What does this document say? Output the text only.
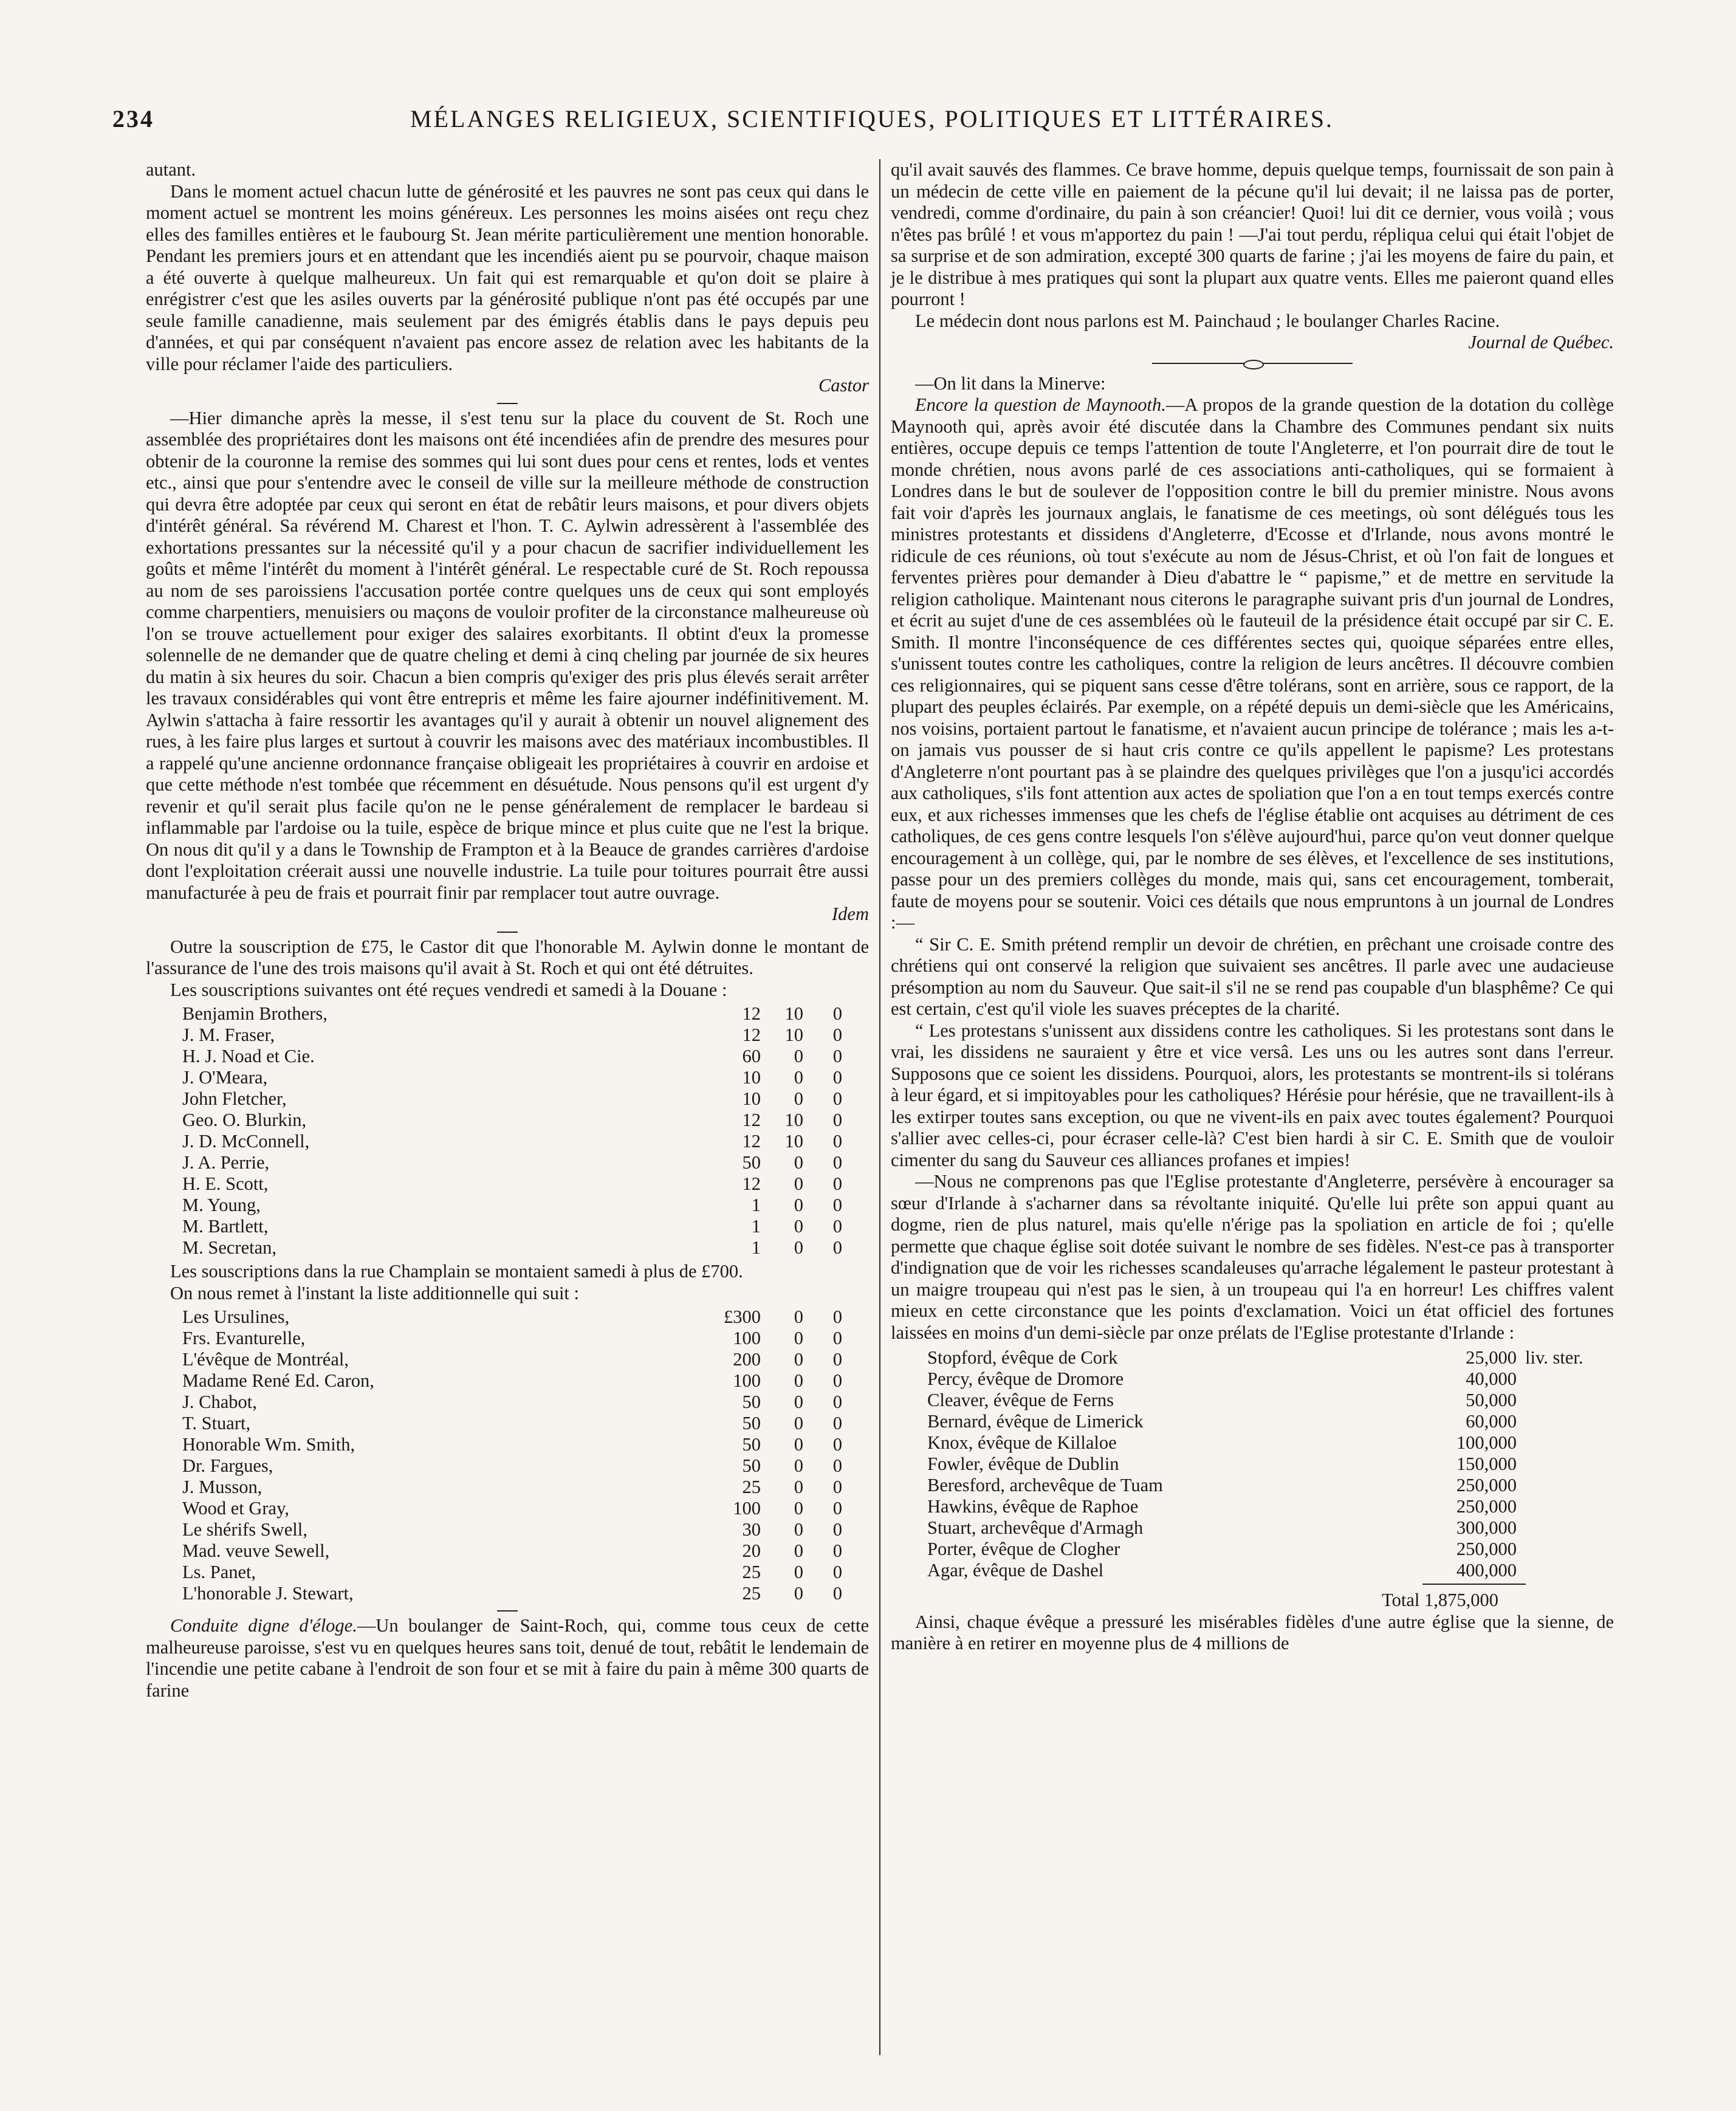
234	MÉLANGES RELIGIEUX, SCIENTIFIQUES, POLITIQUES ET LITTÉRAIRES.

autant.

Dans le moment actuel chacun lutte de générosité et les pauvres ne sont pas ceux qui dans le moment actuel se montrent les moins généreux. Les personnes les moins aisées ont reçu chez elles des familles entières et le faubourg St. Jean mérite particulièrement une mention honorable. Pendant les premiers jours et en attendant que les incendiés aient pu se pourvoir, chaque maison a été ouverte à quelque malheureux. Un fait qui est remarquable et qu'on doit se plaire à enrégistrer c'est que les asiles ouverts par la générosité publique n'ont pas été occupés par une seule famille canadienne, mais seulement par des émigrés établis dans le pays depuis peu d'années, et qui par conséquent n'avaient pas encore assez de relation avec les habitants de la ville pour réclamer l'aide des particuliers.

Castor

—Hier dimanche après la messe, il s'est tenu sur la place du couvent de St. Roch une assemblée des propriétaires dont les maisons ont été incendiées afin de prendre des mesures pour obtenir de la couronne la remise des sommes qui lui sont dues pour cens et rentes, lods et ventes etc., ainsi que pour s'entendre avec le conseil de ville sur la meilleure méthode de construction qui devra être adoptée par ceux qui seront en état de rebâtir leurs maisons, et pour divers objets d'intérêt général. Sa révérend M. Charest et l'hon. T. C. Aylwin adressèrent à l'assemblée des exhortations pressantes sur la nécessité qu'il y a pour chacun de sacrifier individuellement les goûts et même l'intérêt du moment à l'intérêt général. Le respectable curé de St. Roch repoussa au nom de ses paroissiens l'accusation portée contre quelques uns de ceux qui sont employés comme charpentiers, menuisiers ou maçons de vouloir profiter de la circonstance malheureuse où l'on se trouve actuellement pour exiger des salaires exorbitants. Il obtint d'eux la promesse solennelle de ne demander que de quatre cheling et demi à cinq cheling par journée de six heures du matin à six heures du soir. Chacun a bien compris qu'exiger des pris plus élevés serait arrêter les travaux considérables qui vont être entrepris et même les faire ajourner indéfinitivement. M. Aylwin s'attacha à faire ressortir les avantages qu'il y aurait à obtenir un nouvel alignement des rues, à les faire plus larges et surtout à couvrir les maisons avec des matériaux incombustibles. Il a rappelé qu'une ancienne ordonnance française obligeait les propriétaires à couvrir en ardoise et que cette méthode n'est tombée que récemment en désuétude. Nous pensons qu'il est urgent d'y revenir et qu'il serait plus facile qu'on ne le pense généralement de remplacer le bardeau si inflammable par l'ardoise ou la tuile, espèce de brique mince et plus cuite que ne l'est la brique. On nous dit qu'il y a dans le Township de Frampton et à la Beauce de grandes carrières d'ardoise dont l'exploitation créerait aussi une nouvelle industrie. La tuile pour toitures pourrait être aussi manufacturée à peu de frais et pourrait finir par remplacer tout autre ouvrage.

Idem

Outre la souscription de £75, le Castor dit que l'honorable M. Aylwin donne le montant de l'assurance de l'une des trois maisons qu'il avait à St. Roch et qui ont été détruites.

Les souscriptions suivantes ont été reçues vendredi et samedi à la Douane :

Benjamin Brothers,	12	10	0
J. M. Fraser,	12	10	0
H. J. Noad et Cie.	60	0	0
J. O'Meara,	10	0	0
John Fletcher,	10	0	0
Geo. O. Blurkin,	12	10	0
J. D. McConnell,	12	10	0
J. A. Perrie,	50	0	0
H. E. Scott,	12	0	0
M. Young,	1	0	0
M. Bartlett,	1	0	0
M. Secretan,	1	0	0

Les souscriptions dans la rue Champlain se montaient samedi à plus de £700.

On nous remet à l'instant la liste additionnelle qui suit :

Les Ursulines,	£300	0	0
Frs. Evanturelle,	100	0	0
L'évêque de Montréal,	200	0	0
Madame René Ed. Caron,	100	0	0
J. Chabot,	50	0	0
T. Stuart,	50	0	0
Honorable Wm. Smith,	50	0	0
Dr. Fargues,	50	0	0
J. Musson,	25	0	0
Wood et Gray,	100	0	0
Le shérifs Swell,	30	0	0
Mad. veuve Sewell,	20	0	0
Ls. Panet,	25	0	0
L'honorable J. Stewart,	25	0	0

Conduite digne d'éloge.—Un boulanger de Saint-Roch, qui, comme tous ceux de cette malheureuse paroisse, s'est vu en quelques heures sans toit, denué de tout, rebâtit le lendemain de l'incendie une petite cabane à l'endroit de son four et se mit à faire du pain à même 300 quarts de farine

qu'il avait sauvés des flammes. Ce brave homme, depuis quelque temps, fournissait de son pain à un médecin de cette ville en paiement de la pécune qu'il lui devait; il ne laissa pas de porter, vendredi, comme d'ordinaire, du pain à son créancier! Quoi! lui dit ce dernier, vous voilà ; vous n'êtes pas brûlé ! et vous m'apportez du pain ! —J'ai tout perdu, répliqua celui qui était l'objet de sa surprise et de son admiration, excepté 300 quarts de farine ; j'ai les moyens de faire du pain, et je le distribue à mes pratiques qui sont la plupart aux quatre vents. Elles me paieront quand elles pourront !

Le médecin dont nous parlons est M. Painchaud ; le boulanger Charles Racine.

Journal de Québec.

—On lit dans la Minerve:

Encore la question de Maynooth.—A propos de la grande question de la dotation du collège Maynooth qui, après avoir été discutée dans la Chambre des Communes pendant six nuits entières, occupe depuis ce temps l'attention de toute l'Angleterre, et l'on pourrait dire de tout le monde chrétien, nous avons parlé de ces associations anti-catholiques, qui se formaient à Londres dans le but de soulever de l'opposition contre le bill du premier ministre. Nous avons fait voir d'après les journaux anglais, le fanatisme de ces meetings, où sont délégués tous les ministres protestants et dissidens d'Angleterre, d'Ecosse et d'Irlande, nous avons montré le ridicule de ces réunions, où tout s'exécute au nom de Jésus-Christ, et où l'on fait de longues et ferventes prières pour demander à Dieu d'abattre le “ papisme,” et de mettre en servitude la religion catholique. Maintenant nous citerons le paragraphe suivant pris d'un journal de Londres, et écrit au sujet d'une de ces assemblées où le fauteuil de la présidence était occupé par sir C. E. Smith. Il montre l'inconséquence de ces différentes sectes qui, quoique séparées entre elles, s'unissent toutes contre les catholiques, contre la religion de leurs ancêtres. Il découvre combien ces religionnaires, qui se piquent sans cesse d'être tolérans, sont en arrière, sous ce rapport, de la plupart des peuples éclairés. Par exemple, on a répété depuis un demi-siècle que les Américains, nos voisins, portaient partout le fanatisme, et n'avaient aucun principe de tolérance ; mais les a-t-on jamais vus pousser de si haut cris contre ce qu'ils appellent le papisme? Les protestans d'Angleterre n'ont pourtant pas à se plaindre des quelques privilèges que l'on a jusqu'ici accordés aux catholiques, s'ils font attention aux actes de spoliation que l'on a en tout temps exercés contre eux, et aux richesses immenses que les chefs de l'église établie ont acquises au détriment de ces catholiques, de ces gens contre lesquels l'on s'élève aujourd'hui, parce qu'on veut donner quelque encouragement à un collège, qui, par le nombre de ses élèves, et l'excellence de ses institutions, passe pour un des premiers collèges du monde, mais qui, sans cet encouragement, tomberait, faute de moyens pour se soutenir. Voici ces détails que nous empruntons à un journal de Londres :—

“ Sir C. E. Smith prétend remplir un devoir de chrétien, en prêchant une croisade contre des chrétiens qui ont conservé la religion que suivaient ses ancêtres. Il parle avec une audacieuse présomption au nom du Sauveur. Que sait-il s'il ne se rend pas coupable d'un blasphême? Ce qui est certain, c'est qu'il viole les suaves préceptes de la charité.

“ Les protestans s'unissent aux dissidens contre les catholiques. Si les protestans sont dans le vrai, les dissidens ne sauraient y être et vice versâ. Les uns ou les autres sont dans l'erreur. Supposons que ce soient les dissidens. Pourquoi, alors, les protestants se montrent-ils si tolérans à leur égard, et si impitoyables pour les catholiques? Hérésie pour hérésie, que ne travaillent-ils à les extirper toutes sans exception, ou que ne vivent-ils en paix avec toutes également? Pourquoi s'allier avec celles-ci, pour écraser celle-là? C'est bien hardi à sir C. E. Smith que de vouloir cimenter du sang du Sauveur ces alliances profanes et impies!

—Nous ne comprenons pas que l'Eglise protestante d'Angleterre, persévère à encourager sa sœur d'Irlande à s'acharner dans sa révoltante iniquité. Qu'elle lui prête son appui quant au dogme, rien de plus naturel, mais qu'elle n'érige pas la spoliation en article de foi ; qu'elle permette que chaque église soit dotée suivant le nombre de ses fidèles. N'est-ce pas à transporter d'indignation que de voir les richesses scandaleuses qu'arrache légalement le pasteur protestant à un maigre troupeau qui n'est pas le sien, à un troupeau qui l'a en horreur! Les chiffres valent mieux en cette circonstance que les points d'exclamation. Voici un état officiel des fortunes laissées en moins d'un demi-siècle par onze prélats de l'Eglise protestante d'Irlande :

Stopford, évêque de Cork	25,000	liv. ster.
Percy, évêque de Dromore	40,000	
Cleaver, évêque de Ferns	50,000	
Bernard, évêque de Limerick	60,000	
Knox, évêque de Killaloe	100,000	
Fowler, évêque de Dublin	150,000	
Beresford, archevêque de Tuam	250,000	
Hawkins, évêque de Raphoe	250,000	
Stuart, archevêque d'Armagh	300,000	
Porter, évêque de Clogher	250,000	
Agar, évêque de Dashel	400,000	
Total 1,875,000

Ainsi, chaque évêque a pressuré les misérables fidèles d'une autre église que la sienne, de manière à en retirer en moyenne plus de 4 millions de
